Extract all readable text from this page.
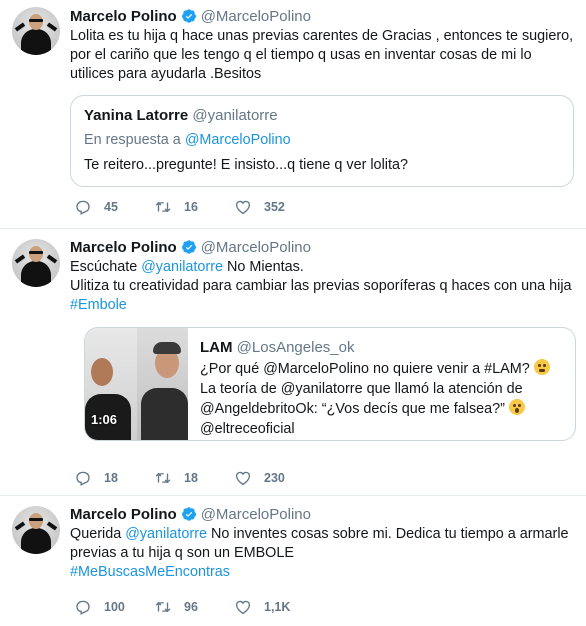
Marcelo Polino @MarceloPolino
Lolita es tu hija q hace unas previas carentes de Gracias , entonces te sugiero, por el cariño que les tengo q el tiempo q usas en inventar cosas de mi lo utilices para ayudarla .Besitos
Yanina Latorre @yanilatorre
En respuesta a @MarceloPolino
Te reitero...pregunte! E insisto...q tiene q ver lolita?
45	16	352
Marcelo Polino @MarceloPolino
Escúchate @yanilatorre No Mientas.
Ulitiza tu creatividad para cambiar las previas soporíferas q haces con una hija
#Embole
1:06
LAM @LosAngeles_ok
¿Por qué @MarceloPolino no quiere venir a #LAM?
La teoría de @yanilatorre que llamó la atención de @AngeldebritoOk: “¿Vos decís que me falsea?”
@eltreceoficial
18	18	230
Marcelo Polino @MarceloPolino
Querida @yanilatorre No inventes cosas sobre mi. Dedica tu tiempo a armarle previas a tu hija q son un EMBOLE
#MeBuscasMeEncontras
100	96	1,1K
